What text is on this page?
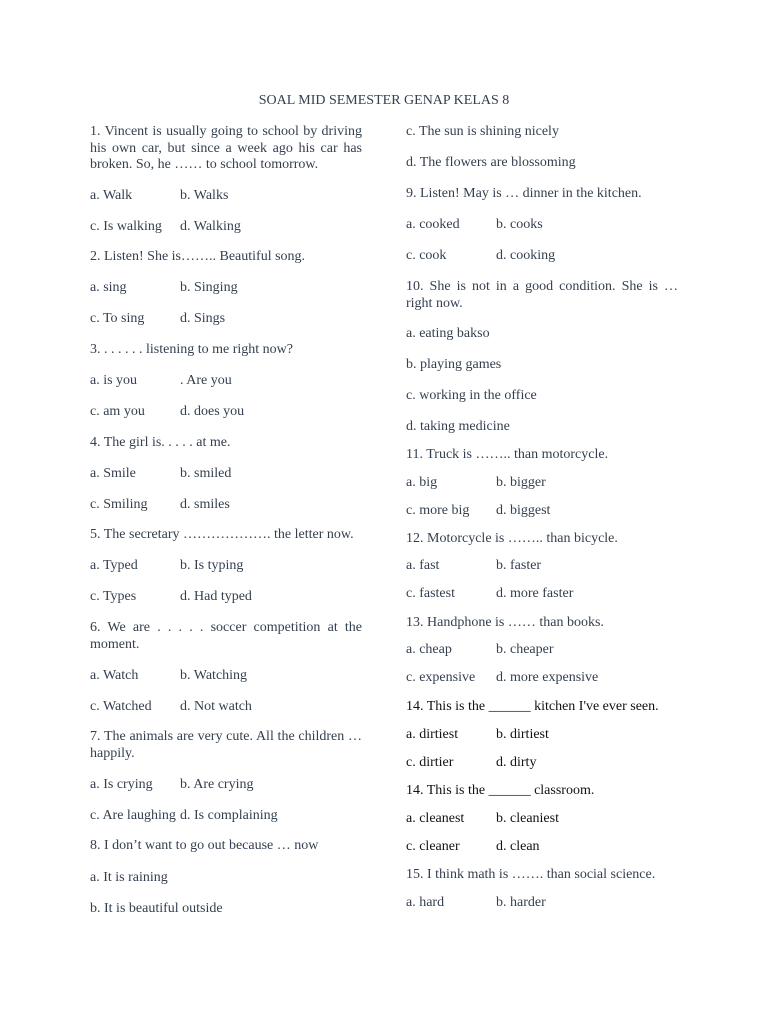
SOAL MID SEMESTER GENAP KELAS 8
1. Vincent is usually going to school by driving his own car, but since a week ago his car has broken. So, he …… to school tomorrow.
a. Walk	b. Walks
c. Is walking d. Walking
2. Listen! She is…….. Beautiful song.
a. sing	b. Singing
c. To sing	d. Sings
3. . . . . . . listening to me right now?
a. is you	. Are you
c. am you	d. does you
4. The girl is. . . . . at me.
a. Smile	b. smiled
c. Smiling d. smiles
5. The secretary ………………. the letter now.
a. Typed	b. Is typing
c. Types	d. Had typed
6. We are . . . . . soccer competition at the moment.
a. Watch	b. Watching
c. Watched d. Not watch
7. The animals are very cute. All the children … happily.
a. Is crying b. Are crying
c. Are laughing d. Is complaining
8. I don’t want to go out because … now
a. It is raining
b. It is beautiful outside
c. The sun is shining nicely
d. The flowers are blossoming
9. Listen! May is … dinner in the kitchen.
a. cooked	b. cooks
c. cook	d. cooking
10. She is not in a good condition. She is … right now.
a. eating bakso
b. playing games
c. working in the office
d. taking medicine
11. Truck is …….. than motorcycle.
a. big	b. bigger
c. more big d. biggest
12. Motorcycle is …….. than bicycle.
a. fast	b. faster
c. fastest	d. more faster
13. Handphone is …… than books.
a. cheap	b. cheaper
c. expensive d. more expensive
14. This is the ______ kitchen I've ever seen.
a. dirtiest	b. dirtiest
c. dirtier	d. dirty
14. This is the ______ classroom.
a. cleanest b. cleaniest
c. cleaner	d. clean
15. I think math is ……. than social science.
a. hard	b. harder
